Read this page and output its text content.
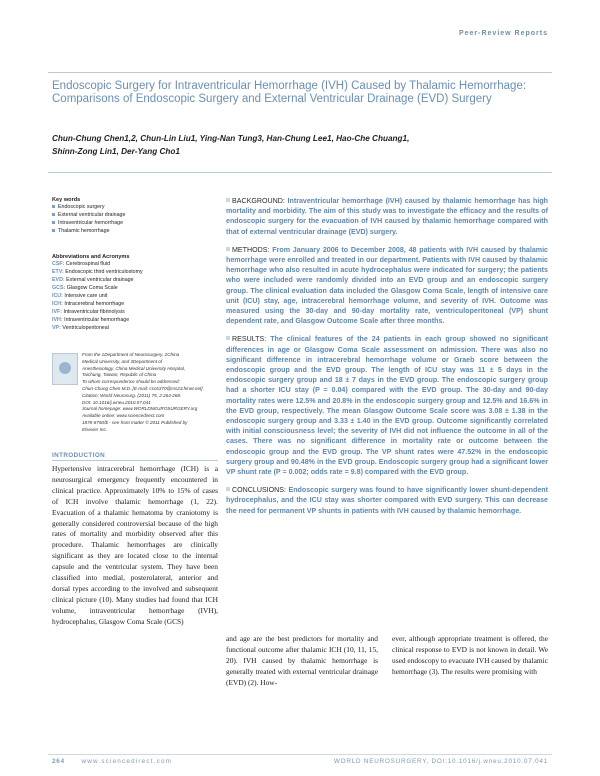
Peer-Review Reports
Endoscopic Surgery for Intraventricular Hemorrhage (IVH) Caused by Thalamic Hemorrhage: Comparisons of Endoscopic Surgery and External Ventricular Drainage (EVD) Surgery
Chun-Chung Chen1,2, Chun-Lin Liu1, Ying-Nan Tung3, Han-Chung Lee1, Hao-Che Chuang1,
Shinn-Zong Lin1, Der-Yang Cho1
Key words
Endoscopic surgery
External ventricular drainage
Intraventricular hemorrhage
Thalamic hemorrhage
Abbreviations and Acronyms
CSF: Cerebrospinal fluid
ETV: Endoscopic third ventriculostomy
EVD: External ventricular drainage
GCS: Glasgow Coma Scale
ICU: Intensive care unit
ICH: Intracerebral hemorrhage
IVF: Intraventricular fibrinolysis
IVH: Intraventricular hemorrhage
VP: Ventriculoperitoneal
From the 1Department of Neurosurgery, 2China
Medical University, and 3Department of
Anesthesiology, China Medical University Hospital,
Taichung, Taiwan, Republic of China
To whom correspondence should be addressed:
Chun-Chung Chen M.D. [E-mail: ccc6370@ms23.hinet.net]
Citation: World Neurosurg. (2011) 75, 2:264-268.
DOI: 10.1016/j.wneu.2010.07.041
Journal homepage: www.WORLDNEUROSURGERY.org
Available online: www.sciencedirect.com
1878-8750/$ - see front matter © 2011 Published by
Elsevier Inc.

BACKGROUND: Intraventricular hemorrhage (IVH) caused by thalamic hemorrhage has high mortality and morbidity. The aim of this study was to investigate the efficacy and the results of endoscopic surgery for the evacuation of IVH caused by thalamic hemorrhage compared with that of external ventricular drainage (EVD) surgery.

METHODS: From January 2006 to December 2008, 48 patients with IVH caused by thalamic hemorrhage were enrolled and treated in our department. Patients with IVH caused by thalamic hemorrhage who also resulted in acute hydrocephalus were indicated for surgery; the patients who were included were randomly divided into an EVD group and an endoscopic surgery group. The clinical evaluation data included the Glasgow Coma Scale, length of intensive care unit (ICU) stay, age, intracerebral hemorrhage volume, and severity of IVH. Outcome was measured using the 30-day and 90-day mortality rate, ventriculoperitoneal (VP) shunt dependent rate, and Glasgow Outcome Scale after three months.

RESULTS: The clinical features of the 24 patients in each group showed no significant differences in age or Glasgow Coma Scale assessment on admission. There was also no significant difference in intracerebral hemorrhage volume or Graeb score between the endoscopic group and the EVD group. The length of ICU stay was 11 ± 5 days in the endoscopic surgery group and 18 ± 7 days in the EVD group. The endoscopic surgery group had a shorter ICU stay (P = 0.04) compared with the EVD group. The 30-day and 90-day mortality rates were 12.5% and 20.8% in the endoscopic surgery group and 12.5% and 16.6% in the EVD group, respectively. The mean Glasgow Outcome Scale score was 3.08 ± 1.38 in the endoscopic surgery group and 3.33 ± 1.40 in the EVD group. Outcome significantly correlated with initial consciousness level; the severity of IVH did not influence the outcome in all of the cases. There was no significant difference in mortality rate or outcome between the endoscopic group and the EVD group. The VP shunt rates were 47.52% in the endoscopic surgery group and 90.48% in the EVD group. Endoscopic surgery group had a significant lower VP shunt rate (P = 0.002; odds rate = 9.8) compared with the EVD group.

CONCLUSIONS: Endoscopic surgery was found to have significantly lower shunt-dependent hydrocephalus, and the ICU stay was shorter compared with EVD surgery. This can decrease the need for permanent VP shunts in patients with IVH caused by thalamic hemorrhage.

INTRODUCTION

Hypertensive intracerebral hemorrhage (ICH) is a neurosurgical emergency frequently encountered in clinical practice. Approximately 10% to 15% of cases of ICH involve thalamic hemorrhage (1, 22). Evacuation of a thalamic hematoma by craniotomy is generally considered controversial because of the high rates of mortality and morbidity observed after this procedure. Thalamic hemorrhages are clinically significant as they are located close to the internal capsule and the ventricular system. They have been classified into medial, posterolateral, anterior and dorsal types according to the involved and subsequent clinical picture (10). Many studies had found that ICH volume, intraventricular hemorrhage (IVH), hydrocephalus, Glasgow Coma Scale (GCS)

and age are the best predictors for mortality and functional outcome after thalamic ICH (10, 11, 15, 20). IVH caused by thalamic hemorrhage is generally treated with external ventricular drainage (EVD) (2). How-

ever, although appropriate treatment is offered, the clinical response to EVD is not known in detail. We used endoscopy to evacuate IVH caused by thalamic hemorrhage (3). The results were promising with

264	www.sciencedirect.com	WORLD NEUROSURGERY, DOI:10.1016/j.wneu.2010.07.041
